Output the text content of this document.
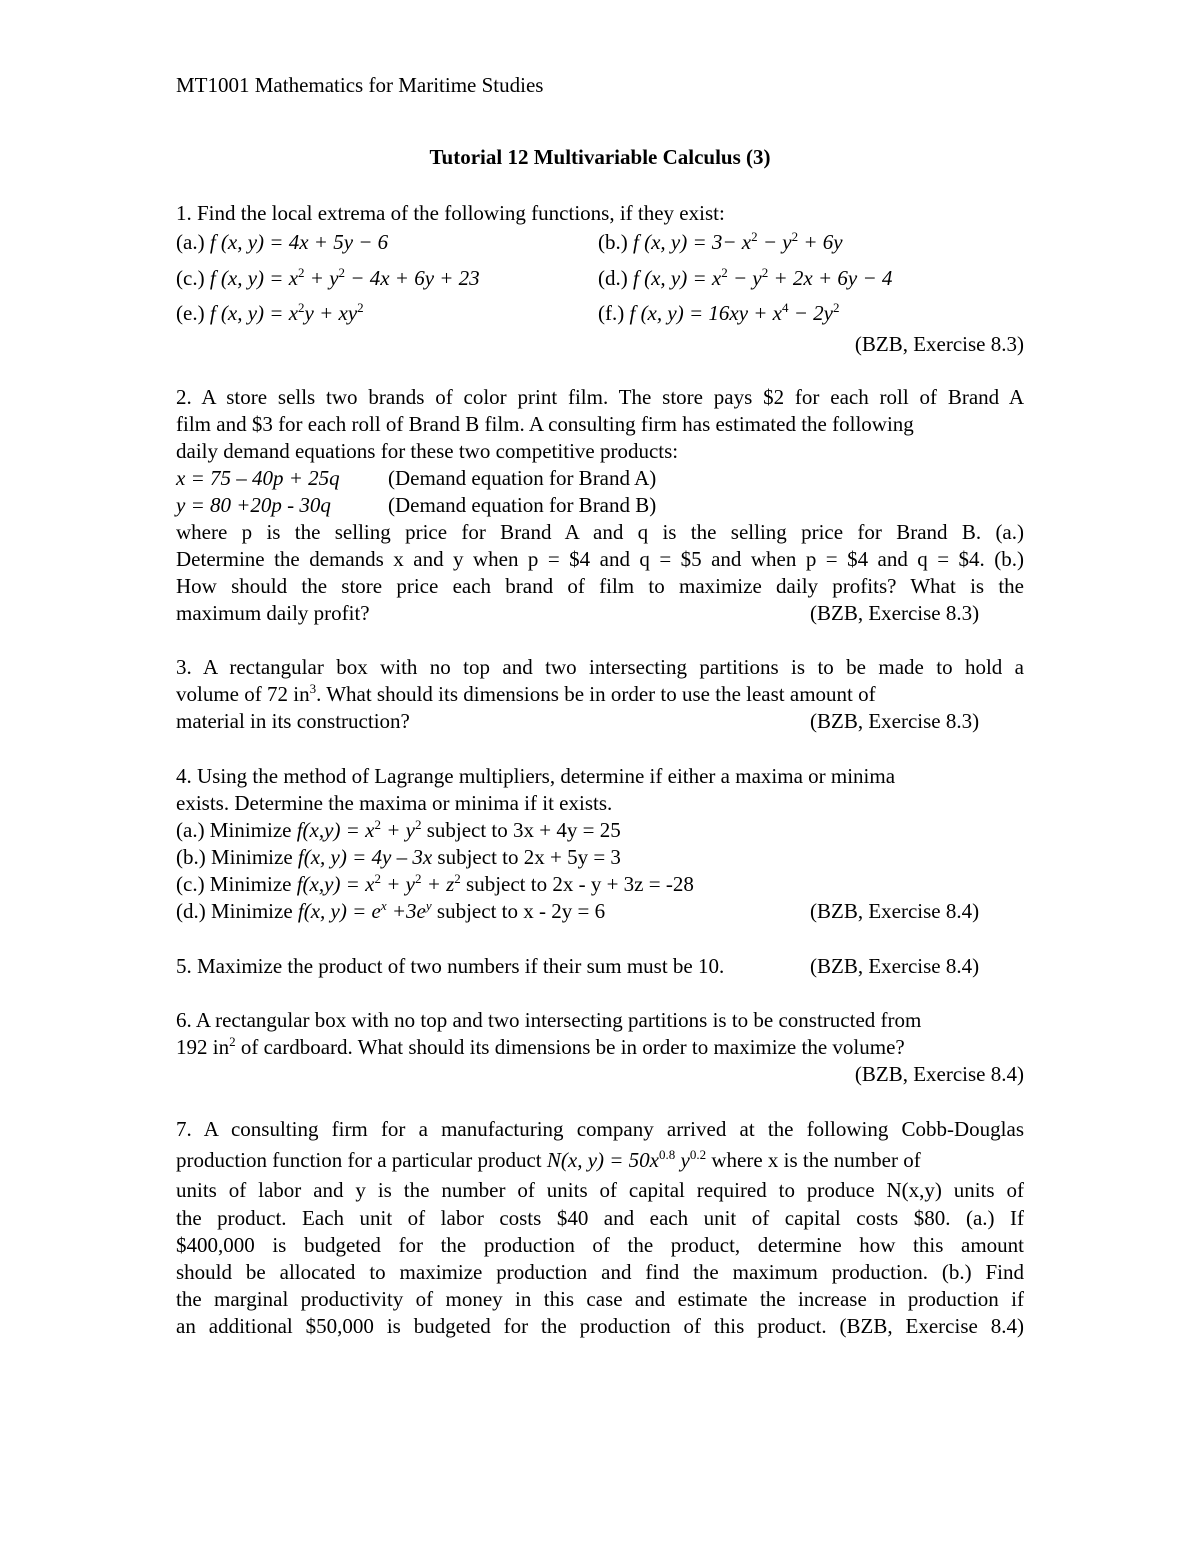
MT1001 Mathematics for Maritime Studies
Tutorial 12 Multivariable Calculus (3)
1. Find the local extrema of the following functions, if they exist:
(a.) f (x, y) = 4x + 5y − 6	(b.) f (x, $y) = 3- x^2 - y^2 + 6y$
(c.) f (x, $y) = x^2 + y^2 - 4x + 6y + 23$	(d.) f (x, $y) = x^2 - y^2 + 2x + 6y - 4$
(e.) f (x, $y) = x^2y + xy^2$	(f.) f (x, $y) = 16xy + x^4 - 2y^2$
(BZB, Exercise 8.3)
2. A store sells two brands of color print film. The store pays $2 for each roll of Brand A
film and $3 for each roll of Brand B film. A consulting firm has estimated the following
daily demand equations for these two competitive products:
x = 75 – 40p + 25q (Demand equation for Brand A)
y = 80 +20p - 30q	(Demand equation for Brand B)
where p is the selling price for Brand A and q is the selling price for Brand B. (a.)
Determine the demands x and y when p = $4 and q = $5 and when p = $4 and q = $4. (b.)
How should the store price each brand of film to maximize daily profits? What is the
maximum daily profit?	(BZB, Exercise 8.3)
3. A rectangular box with no top and two intersecting partitions is to be made to hold a
volume of 72 $in^3$. What should its dimensions be in order to use the least amount of
material in its construction?	(BZB, Exercise 8.3)
4. Using the method of Lagrange multipliers, determine if either a maxima or minima
exists. Determine the maxima or minima if it exists.
(a.) Minimize $f(x,y) = x^2 + y^2$ subject to 3x + 4y = 25
(b.) Minimize f(x, y) = 4y – 3x subject to 2x + 5y = 3
(c.) Minimize $f(x,y) = x^2 + y^2 + z^2$ subject to 2x - y + 3z = -28
(d.) Minimize f(x, $y) = e^x +3e^y$ subject to x - 2y = 6	(BZB, Exercise 8.4)
5. Maximize the product of two numbers if their sum must be 10.	(BZB, Exercise 8.4)
6. A rectangular box with no top and two intersecting partitions is to be constructed from
192 $in^2$ of cardboard. What should its dimensions be in order to maximize the volume?
(BZB, Exercise 8.4)
7. A consulting firm for a manufacturing company arrived at the following Cobb-Douglas
production function for a particular product N(x, $y) = 50x^{0.8}$ $y^{0.2}$ where x is the number of
units of labor and y is the number of units of capital required to produce N(x,y) units of
the product. Each unit of labor costs $40 and each unit of capital costs $80. (a.) If
$400,000 is budgeted for the production of the product, determine how this amount
should be allocated to maximize production and find the maximum production. (b.) Find
the marginal productivity of money in this case and estimate the increase in production if
an additional $50,000 is budgeted for the production of this product. (BZB, Exercise 8.4)
